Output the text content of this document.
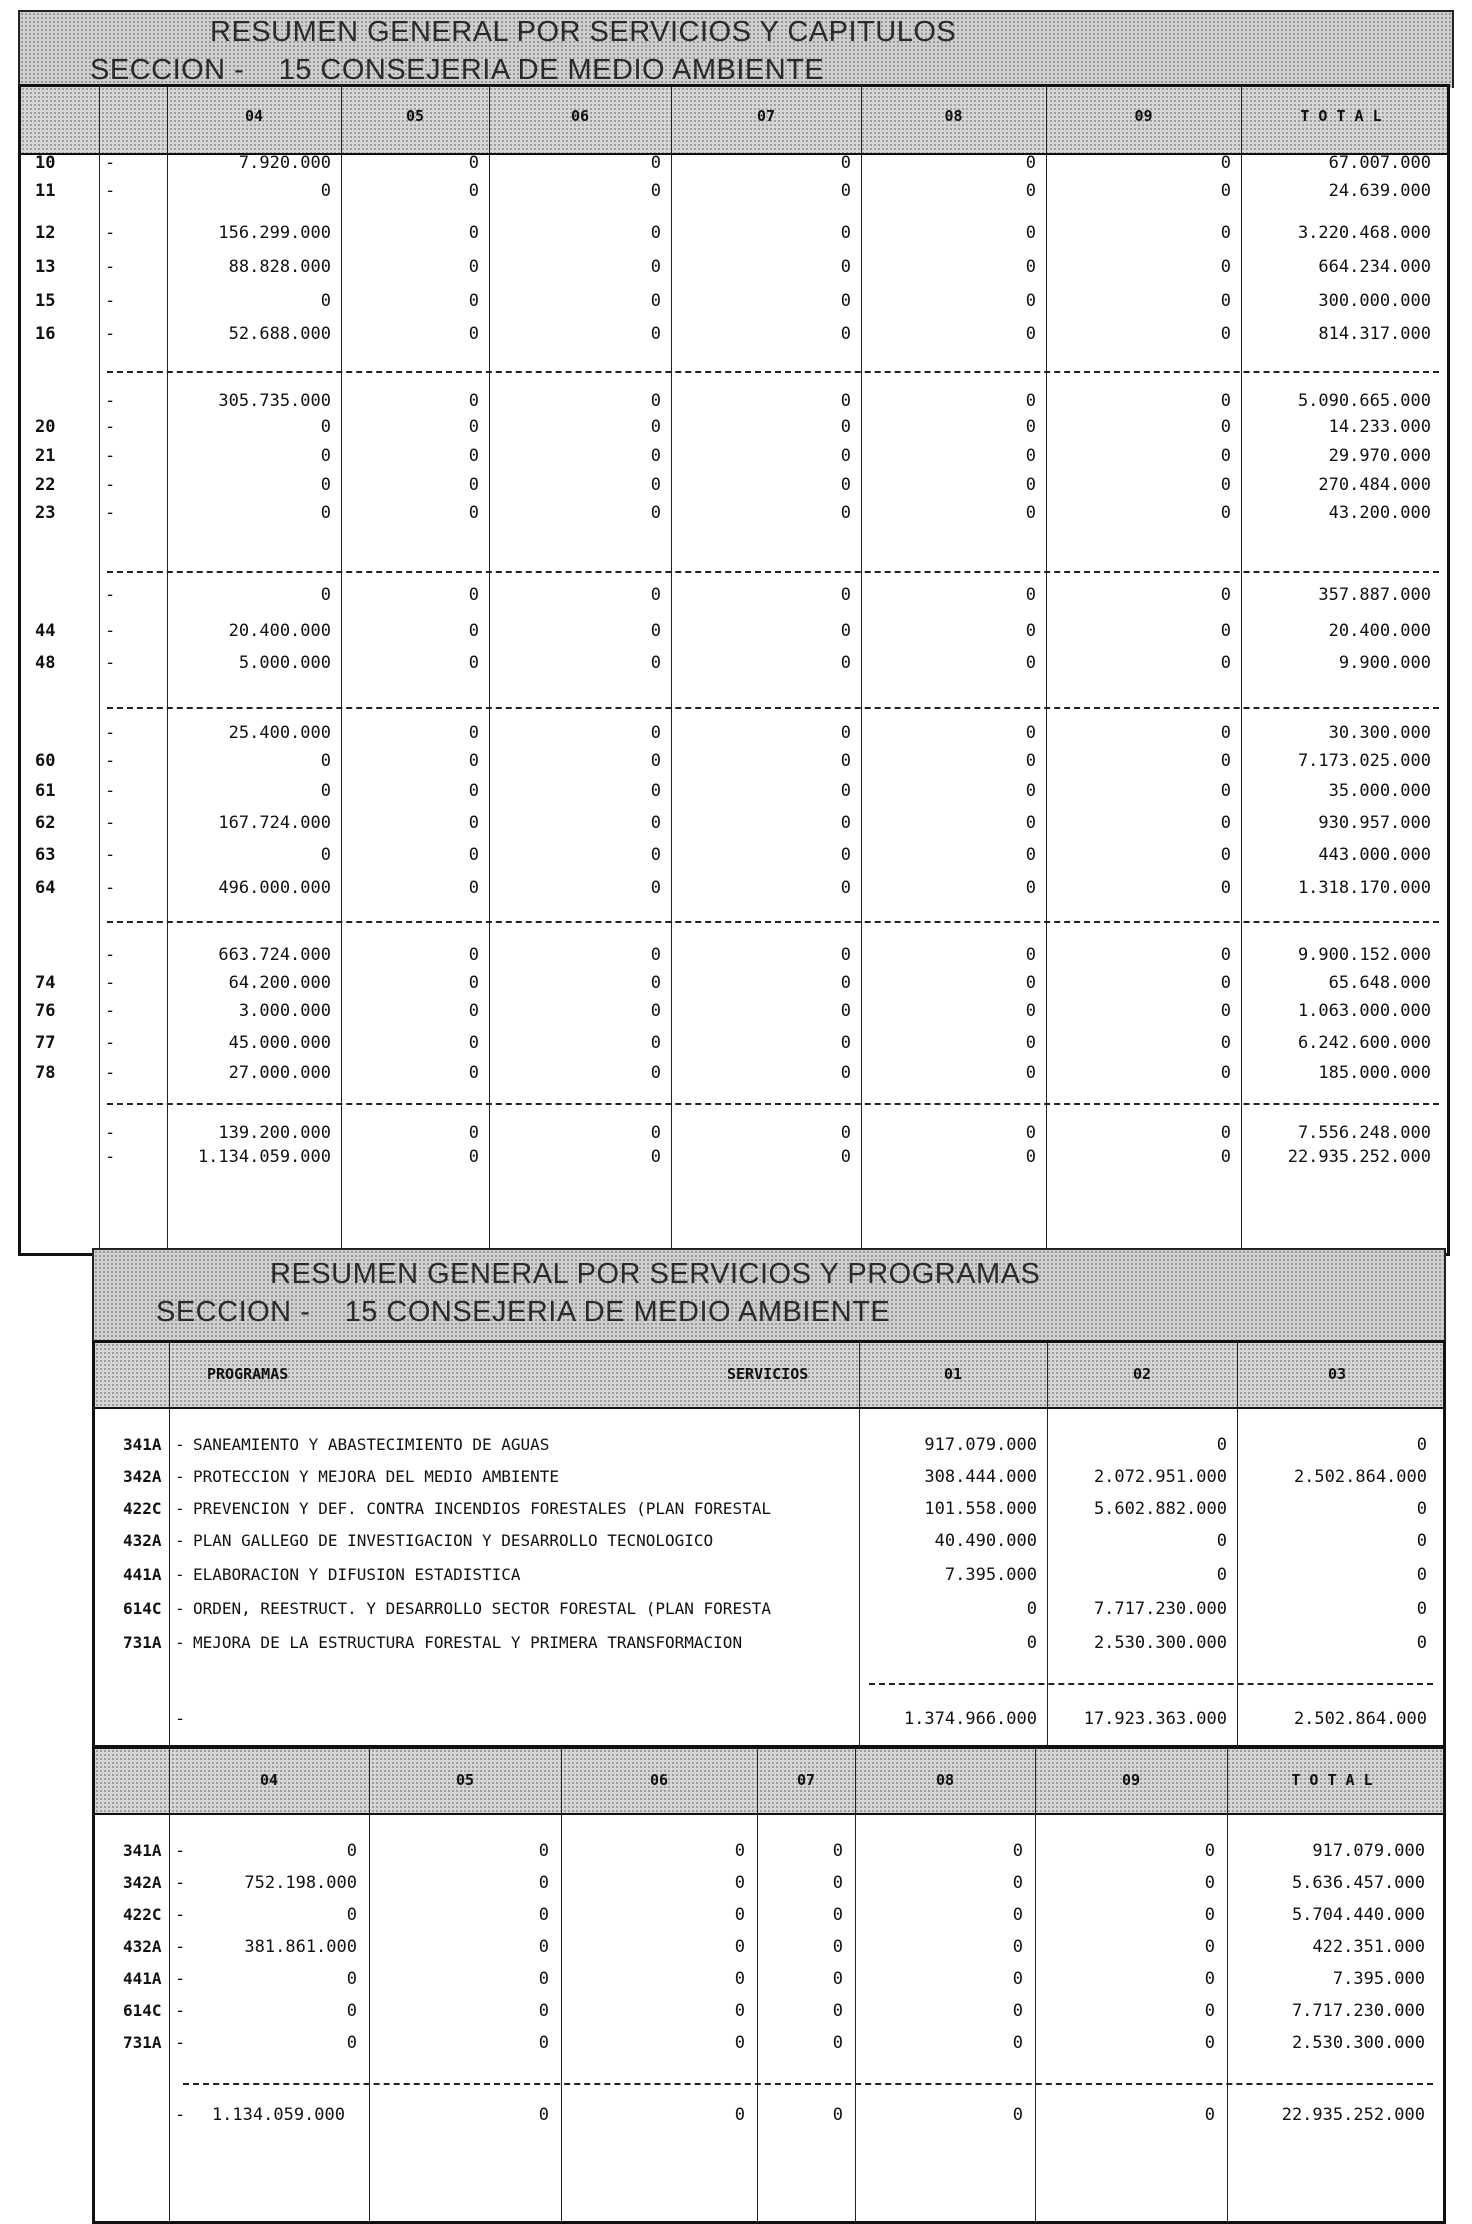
RESUMEN GENERAL POR SERVICIOS Y CAPITULOS
SECCION -    15 CONSEJERIA DE MEDIO AMBIENTE
04	05	06	07	08	09	T O T A L
10	-	7.920.000	0	0	0	0	0	67.007.000
11	-	0	0	0	0	0	0	24.639.000
12	-	156.299.000	0	0	0	0	0	3.220.468.000
13	-	88.828.000	0	0	0	0	0	664.234.000
15	-	0	0	0	0	0	0	300.000.000
16	-	52.688.000	0	0	0	0	0	814.317.000
-	305.735.000	0	0	0	0	0	5.090.665.000
20	-	0	0	0	0	0	0	14.233.000
21	-	0	0	0	0	0	0	29.970.000
22	-	0	0	0	0	0	0	270.484.000
23	-	0	0	0	0	0	0	43.200.000
-	0	0	0	0	0	0	357.887.000
44	-	20.400.000	0	0	0	0	0	20.400.000
48	-	5.000.000	0	0	0	0	0	9.900.000
-	25.400.000	0	0	0	0	0	30.300.000
60	-	0	0	0	0	0	0	7.173.025.000
61	-	0	0	0	0	0	0	35.000.000
62	-	167.724.000	0	0	0	0	0	930.957.000
63	-	0	0	0	0	0	0	443.000.000
64	-	496.000.000	0	0	0	0	0	1.318.170.000
-	663.724.000	0	0	0	0	0	9.900.152.000
74	-	64.200.000	0	0	0	0	0	65.648.000
76	-	3.000.000	0	0	0	0	0	1.063.000.000
77	-	45.000.000	0	0	0	0	0	6.242.600.000
78	-	27.000.000	0	0	0	0	0	185.000.000
-	139.200.000	0	0	0	0	0	7.556.248.000
-	1.134.059.000	0	0	0	0	0	22.935.252.000
RESUMEN GENERAL POR SERVICIOS Y PROGRAMAS
SECCION -    15 CONSEJERIA DE MEDIO AMBIENTE
PROGRAMAS	SERVICIOS	01	02	03
341A - SANEAMIENTO Y ABASTECIMIENTO DE AGUAS	917.079.000	0	0
342A - PROTECCION Y MEJORA DEL MEDIO AMBIENTE	308.444.000	2.072.951.000	2.502.864.000
422C - PREVENCION Y DEF. CONTRA INCENDIOS FORESTALES (PLAN FORESTAL	101.558.000	5.602.882.000	0
432A - PLAN GALLEGO DE INVESTIGACION Y DESARROLLO TECNOLOGICO	40.490.000	0	0
441A - ELABORACION Y DIFUSION ESTADISTICA	7.395.000	0	0
614C - ORDEN, REESTRUCT. Y DESARROLLO SECTOR FORESTAL (PLAN FORESTA	0	7.717.230.000	0
731A - MEJORA DE LA ESTRUCTURA FORESTAL Y PRIMERA TRANSFORMACION	0	2.530.300.000	0
-	1.374.966.000	17.923.363.000	2.502.864.000
04	05	06	07	08	09	T O T A L
341A -	0	0	0	0	0	0	917.079.000
342A -	752.198.000	0	0	0	0	0	5.636.457.000
422C -	0	0	0	0	0	0	5.704.440.000
432A -	381.861.000	0	0	0	0	0	422.351.000
441A -	0	0	0	0	0	0	7.395.000
614C -	0	0	0	0	0	0	7.717.230.000
731A -	0	0	0	0	0	0	2.530.300.000
-	1.134.059.000	0	0	0	0	0	22.935.252.000
